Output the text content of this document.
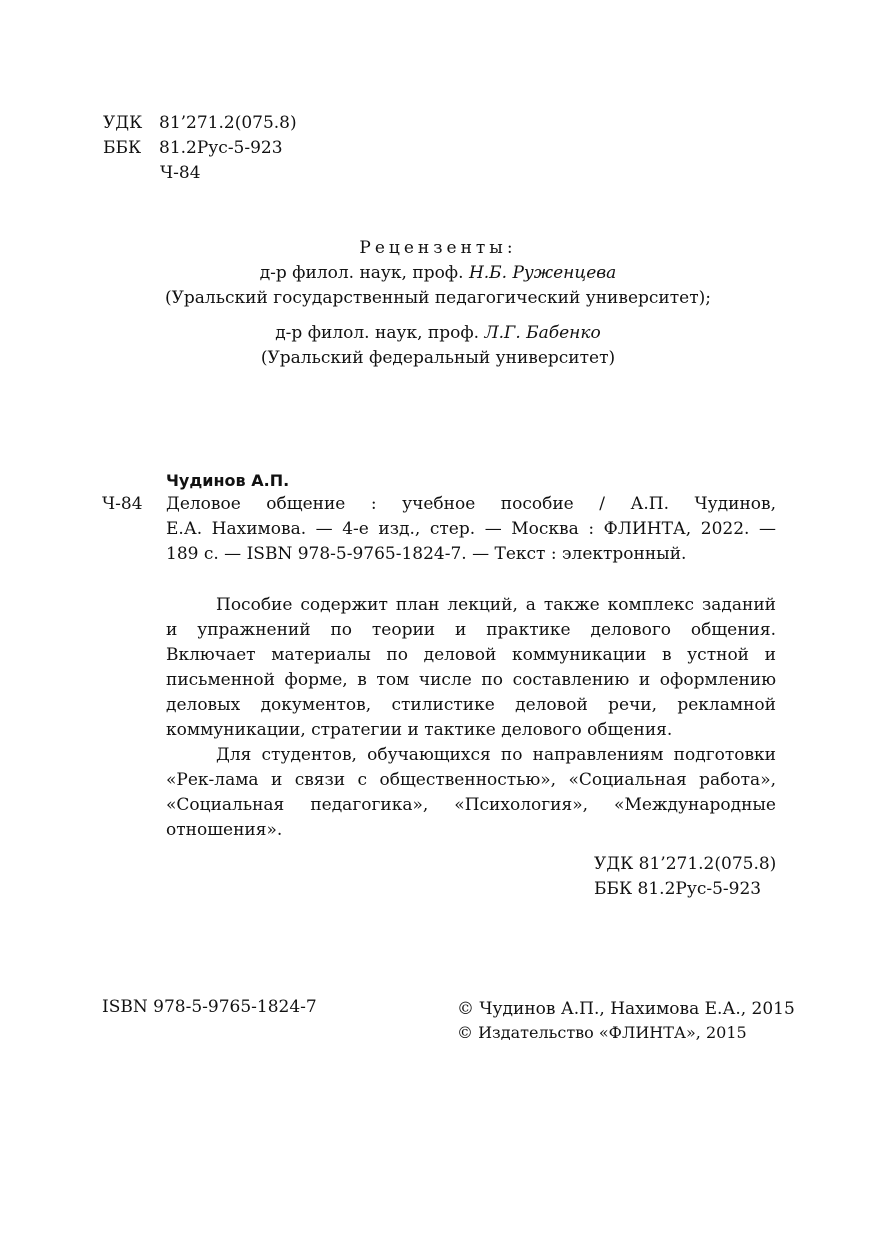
УДК 81’271.2(075.8)
ББК 81.2Рус-5-923
Ч-84
Рецензенты:
д-р филол. наук, проф. Н.Б. Руженцева
(Уральский государственный педагогический университет);
д-р филол. наук, проф. Л.Г. Бабенко
(Уральский федеральный университет)
Чудинов А.П.
Ч-84 Деловое общение : учебное пособие / А.П. Чудинов,
Е.А. Нахимова. — 4-е изд., стер. — Москва : ФЛИНТА, 2022. —
189 с. — ISBN 978-5-9765-1824-7. — Текст : электронный.
Пособие содержит план лекций, а также комплекс заданий
и упражнений по теории и практике делового общения.
Включает материалы по деловой коммуникации в устной и
письменной форме, в том числе по составлению и оформлению
деловых документов, стилистике деловой речи, рекламной
коммуникации, стратегии и тактике делового общения.
Для студентов, обучающихся по направлениям подготовки
«Рек-лама и связи с общественностью», «Социальная работа»,
«Социальная педагогика», «Психология», «Международные
отношения».
УДК 81’271.2(075.8)
ББК 81.2Рус-5-923
ISBN 978-5-9765-1824-7	© Чудинов А.П., Нахимова Е.А., 2015
© Издательство «ФЛИНТА», 2015
